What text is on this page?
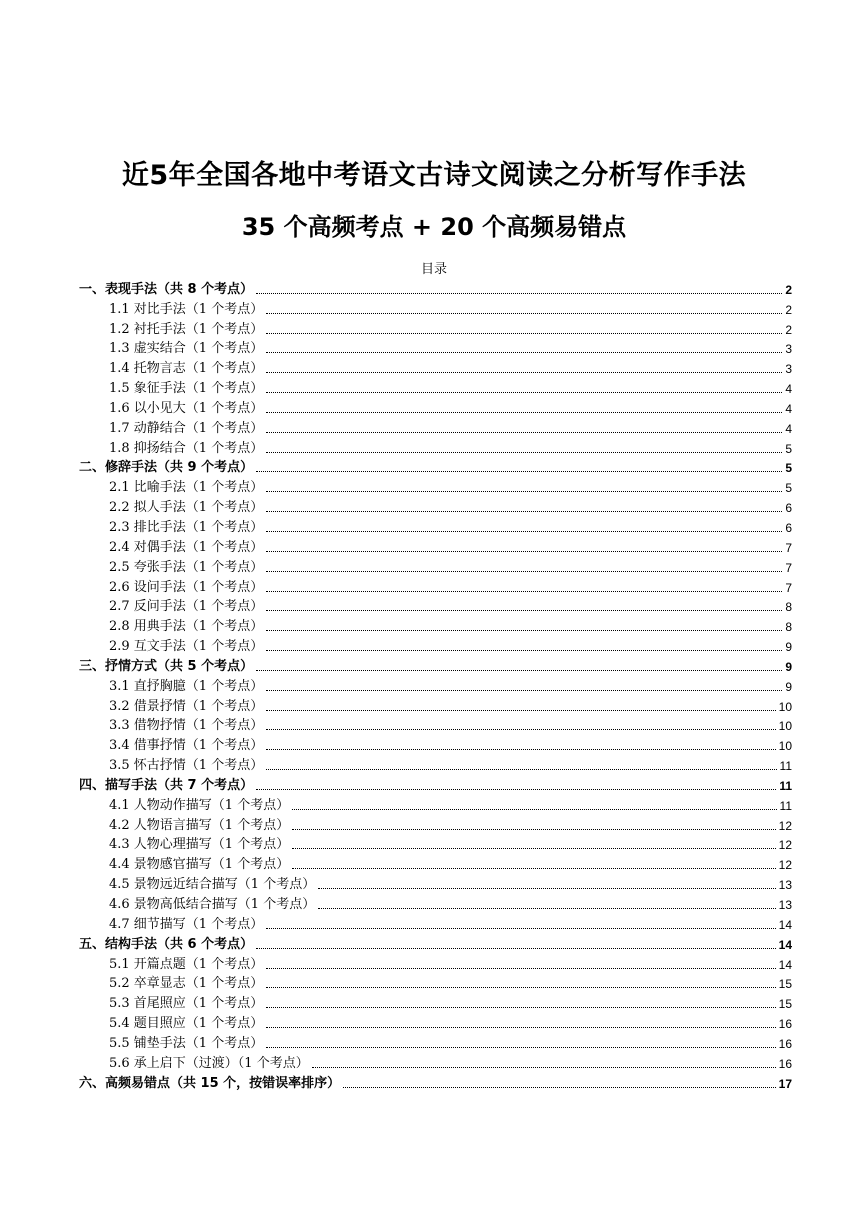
近5年全国各地中考语文古诗文阅读之分析写作手法
35 个高频考点 + 20 个高频易错点
目录
一、表现手法（共 8 个考点）	2
1.1 对比手法（1 个考点）	2
1.2 衬托手法（1 个考点）	2
1.3 虚实结合（1 个考点）	3
1.4 托物言志（1 个考点）	3
1.5 象征手法（1 个考点）	4
1.6 以小见大（1 个考点）	4
1.7 动静结合（1 个考点）	4
1.8 抑扬结合（1 个考点）	5
二、修辞手法（共 9 个考点）	5
2.1 比喻手法（1 个考点）	5
2.2 拟人手法（1 个考点）	6
2.3 排比手法（1 个考点）	6
2.4 对偶手法（1 个考点）	7
2.5 夸张手法（1 个考点）	7
2.6 设问手法（1 个考点）	7
2.7 反问手法（1 个考点）	8
2.8 用典手法（1 个考点）	8
2.9 互文手法（1 个考点）	9
三、抒情方式（共 5 个考点）	9
3.1 直抒胸臆（1 个考点）	9
3.2 借景抒情（1 个考点）	10
3.3 借物抒情（1 个考点）	10
3.4 借事抒情（1 个考点）	10
3.5 怀古抒情（1 个考点）	11
四、描写手法（共 7 个考点）	11
4.1 人物动作描写（1 个考点）	11
4.2 人物语言描写（1 个考点）	12
4.3 人物心理描写（1 个考点）	12
4.4 景物感官描写（1 个考点）	12
4.5 景物远近结合描写（1 个考点）	13
4.6 景物高低结合描写（1 个考点）	13
4.7 细节描写（1 个考点）	14
五、结构手法（共 6 个考点）	14
5.1 开篇点题（1 个考点）	14
5.2 卒章显志（1 个考点）	15
5.3 首尾照应（1 个考点）	15
5.4 题目照应（1 个考点）	16
5.5 铺垫手法（1 个考点）	16
5.6 承上启下（过渡）（1 个考点）	16
六、高频易错点（共 15 个，按错误率排序）	17
